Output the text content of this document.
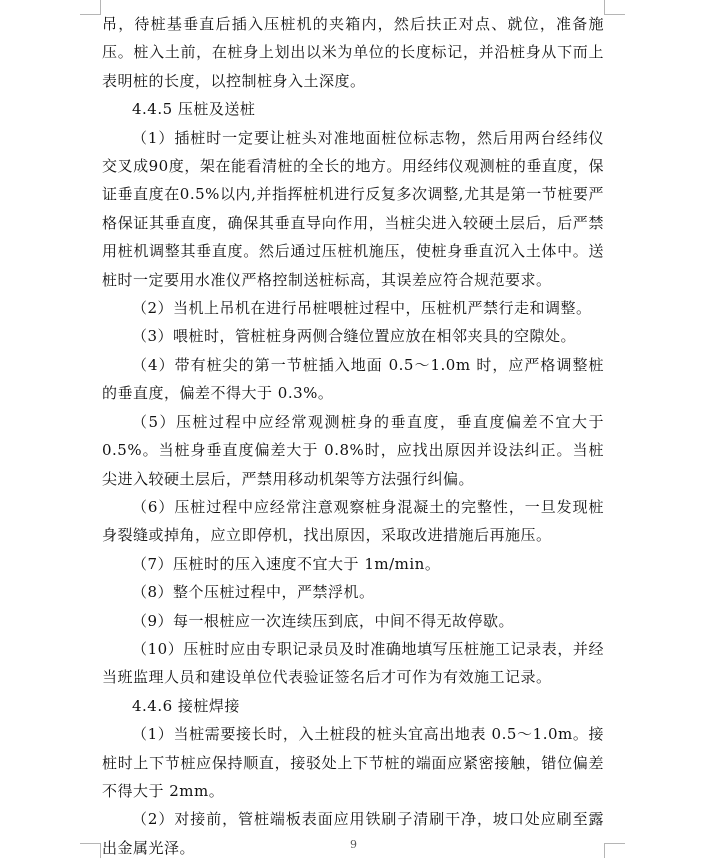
吊，待桩基垂直后插入压桩机的夹箱内，然后扶正对点、就位，准备施压。桩入土前，在桩身上划出以米为单位的长度标记，并沿桩身从下而上表明桩的长度，以控制桩身入土深度。

4.4.5 压桩及送桩

（1）插桩时一定要让桩头对准地面桩位标志物，然后用两台经纬仪交叉成90度，架在能看清桩的全长的地方。用经纬仪观测桩的垂直度，保证垂直度在0.5%以内,并指挥桩机进行反复多次调整,尤其是第一节桩要严格保证其垂直度，确保其垂直导向作用，当桩尖进入较硬土层后，后严禁用桩机调整其垂直度。然后通过压桩机施压，使桩身垂直沉入土体中。送桩时一定要用水准仪严格控制送桩标高，其误差应符合规范要求。

（2）当机上吊机在进行吊桩喂桩过程中，压桩机严禁行走和调整。

（3）喂桩时，管桩桩身两侧合缝位置应放在相邻夹具的空隙处。

（4）带有桩尖的第一节桩插入地面 0.5～1.0m 时，应严格调整桩的垂直度，偏差不得大于 0.3%。

（5）压桩过程中应经常观测桩身的垂直度，垂直度偏差不宜大于 0.5%。当桩身垂直度偏差大于 0.8%时，应找出原因并设法纠正。当桩尖进入较硬土层后，严禁用移动机架等方法强行纠偏。

（6）压桩过程中应经常注意观察桩身混凝土的完整性，一旦发现桩身裂缝或掉角，应立即停机，找出原因，采取改进措施后再施压。

（7）压桩时的压入速度不宜大于 1m/min。

（8）整个压桩过程中，严禁浮机。

（9）每一根桩应一次连续压到底，中间不得无故停歇。

（10）压桩时应由专职记录员及时准确地填写压桩施工记录表，并经当班监理人员和建设单位代表验证签名后才可作为有效施工记录。

4.4.6 接桩焊接

（1）当桩需要接长时，入土桩段的桩头宜高出地表 0.5～1.0m。接桩时上下节桩应保持顺直，接驳处上下节桩的端面应紧密接触，错位偏差不得大于 2mm。

（2）对接前，管桩端板表面应用铁刷子清刷干净，坡口处应刷至露出金属光泽。	9
